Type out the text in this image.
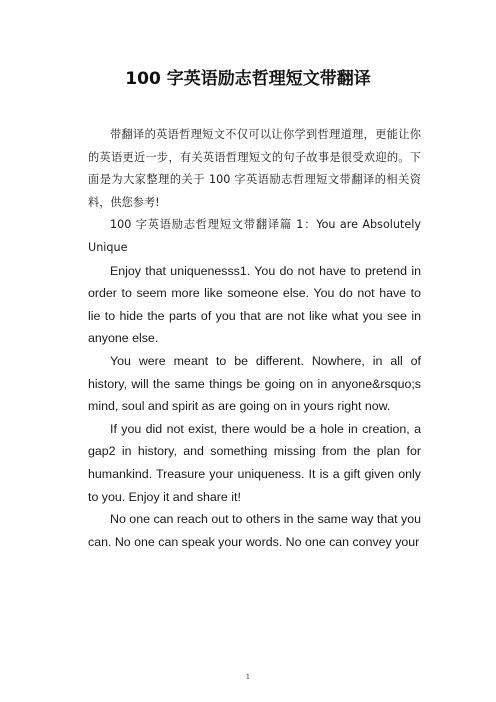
100 字英语励志哲理短文带翻译

带翻译的英语哲理短文不仅可以让你学到哲理道理，更能让你的英语更近一步，有关英语哲理短文的句子故事是很受欢迎的。下面是为大家整理的关于 100 字英语励志哲理短文带翻译的相关资料，供您参考!

100 字英语励志哲理短文带翻译篇 1：You are Absolutely Unique

Enjoy that uniquenesss1. You do not have to pretend in order to seem more like someone else. You do not have to lie to hide the parts of you that are not like what you see in anyone else.

You were meant to be different. Nowhere, in all of history, will the same things be going on in anyone&rsquo;s mind, soul and spirit as are going on in yours right now.

If you did not exist, there would be a hole in creation, a gap2 in history, and something missing from the plan for humankind. Treasure your uniqueness. It is a gift given only to you. Enjoy it and share it!

No one can reach out to others in the same way that you can. No one can speak your words. No one can convey your

1
